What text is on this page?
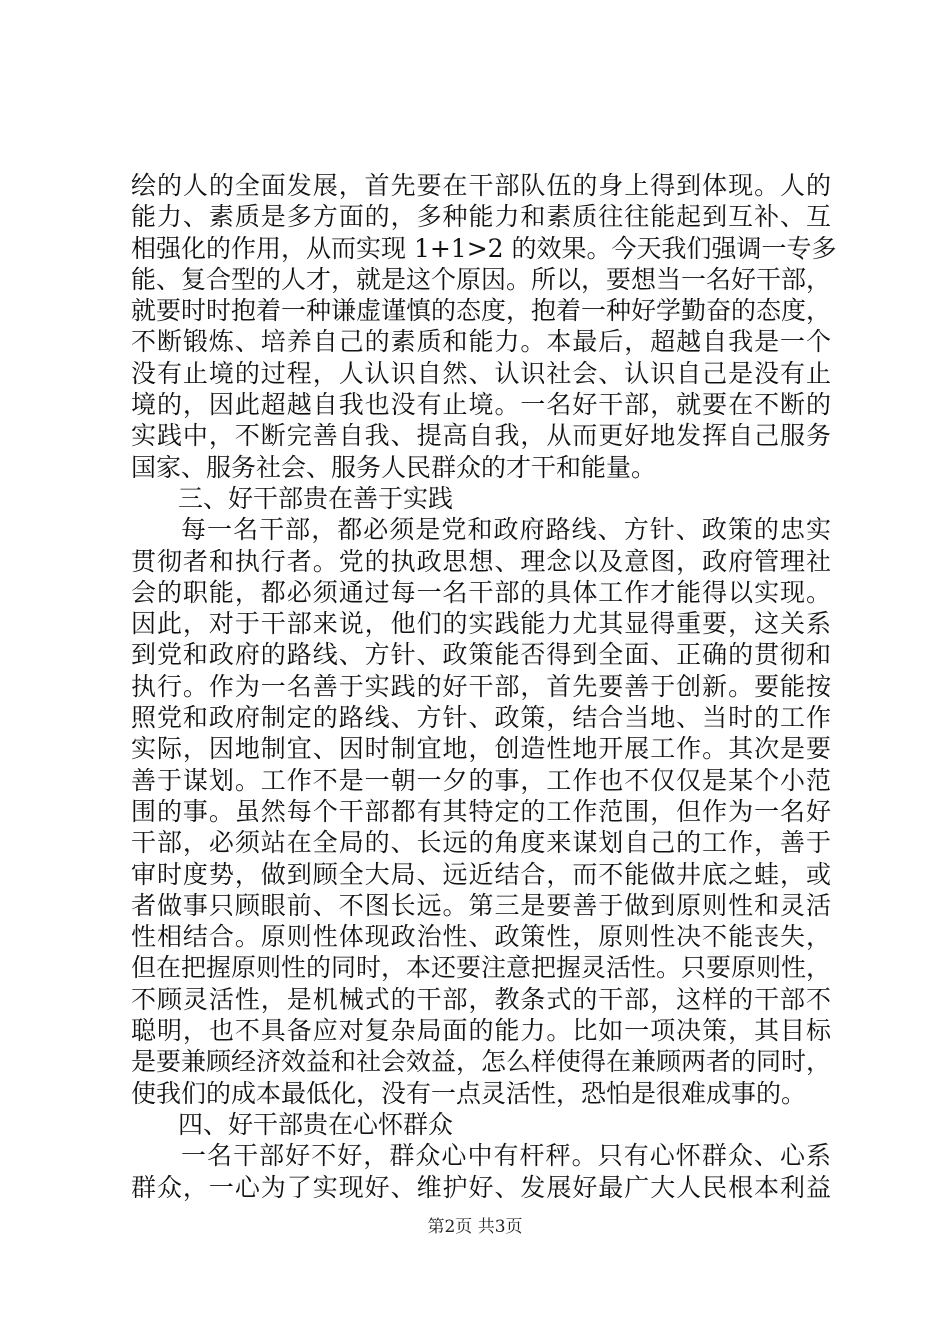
绘的人的全面发展，首先要在干部队伍的身上得到体现。人的
能力、素质是多方面的，多种能力和素质往往能起到互补、互
相强化的作用，从而实现 1+1>2 的效果。今天我们强调一专多
能、复合型的人才，就是这个原因。所以，要想当一名好干部，
就要时时抱着一种谦虚谨慎的态度，抱着一种好学勤奋的态度，
不断锻炼、培养自己的素质和能力。本最后，超越自我是一个
没有止境的过程，人认识自然、认识社会、认识自己是没有止
境的，因此超越自我也没有止境。一名好干部，就要在不断的
实践中，不断完善自我、提高自我，从而更好地发挥自己服务
国家、服务社会、服务人民群众的才干和能量。
三、好干部贵在善于实践
每一名干部，都必须是党和政府路线、方针、政策的忠实
贯彻者和执行者。党的执政思想、理念以及意图，政府管理社
会的职能，都必须通过每一名干部的具体工作才能得以实现。
因此，对于干部来说，他们的实践能力尤其显得重要，这关系
到党和政府的路线、方针、政策能否得到全面、正确的贯彻和
执行。作为一名善于实践的好干部，首先要善于创新。要能按
照党和政府制定的路线、方针、政策，结合当地、当时的工作
实际，因地制宜、因时制宜地，创造性地开展工作。其次是要
善于谋划。工作不是一朝一夕的事，工作也不仅仅是某个小范
围的事。虽然每个干部都有其特定的工作范围，但作为一名好
干部，必须站在全局的、长远的角度来谋划自己的工作，善于
审时度势，做到顾全大局、远近结合，而不能做井底之蛙，或
者做事只顾眼前、不图长远。第三是要善于做到原则性和灵活
性相结合。原则性体现政治性、政策性，原则性决不能丧失，
但在把握原则性的同时，本还要注意把握灵活性。只要原则性，
不顾灵活性，是机械式的干部，教条式的干部，这样的干部不
聪明，也不具备应对复杂局面的能力。比如一项决策，其目标
是要兼顾经济效益和社会效益，怎么样使得在兼顾两者的同时，
使我们的成本最低化，没有一点灵活性，恐怕是很难成事的。
四、好干部贵在心怀群众
一名干部好不好，群众心中有杆秤。只有心怀群众、心系
群众，一心为了实现好、维护好、发展好最广大人民根本利益
第2页 共3页
